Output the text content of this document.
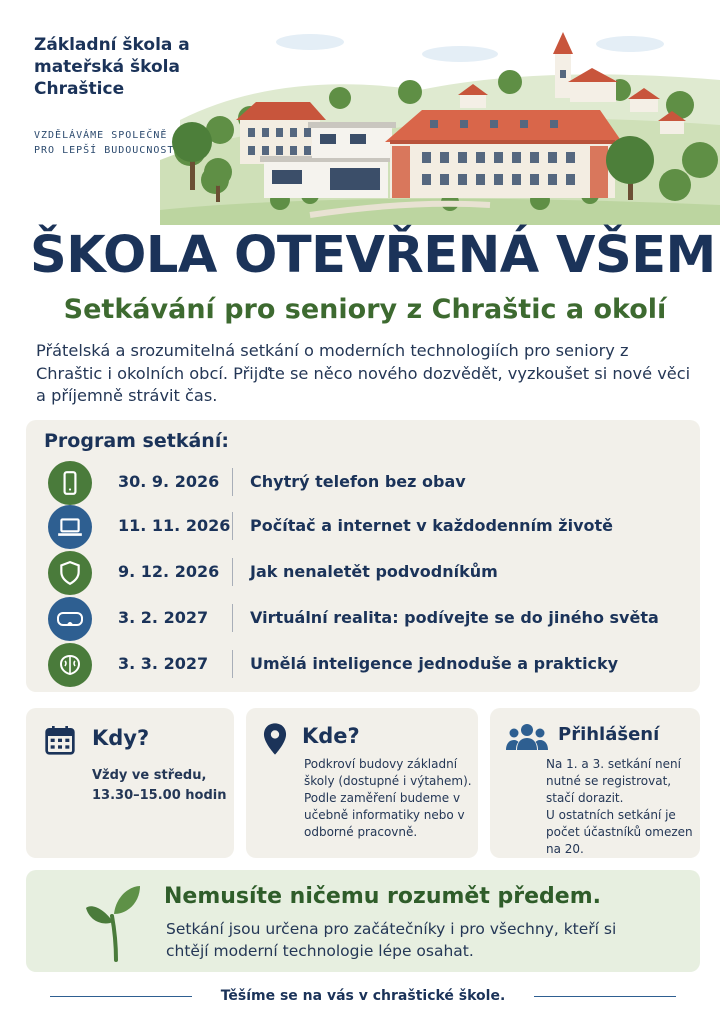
Základní škola a mateřská škola Chraštice
VZDĚLÁVÁME SPOLEČNĚ PRO LEPŠÍ BUDOUCNOST
ŠKOLA OTEVŘENÁ VŠEM
Setkávání pro seniory z Chraštic a okolí
Přátelská a srozumitelná setkání o moderních technologiích pro seniory z Chraštic i okolních obcí. Přijďte se něco nového dozvědět, vyzkoušet si nové věci a příjemně strávit čas.
Program setkání:
30. 9. 2026	Chytrý telefon bez obav
11. 11. 2026	Počítač a internet v každodenním životě
9. 12. 2026	Jak nenaletět podvodníkům
3. 2. 2027	Virtuální realita: podívejte se do jiného světa
3. 3. 2027	Umělá inteligence jednoduše a prakticky
Kdy?
Vždy ve středu,
13.30–15.00 hodin
Kde?
Podkroví budovy základní školy (dostupné i výtahem). Podle zaměření budeme v učebně informatiky nebo v odborné pracovně.
Přihlášení
Na 1. a 3. setkání není nutné se registrovat, stačí dorazit.
U ostatních setkání je počet účastníků omezen na 20.
Nemusíte ničemu rozumět předem.
Setkání jsou určena pro začátečníky i pro všechny, kteří si chtějí moderní technologie lépe osahat.
Těšíme se na vás v chraštické škole.
